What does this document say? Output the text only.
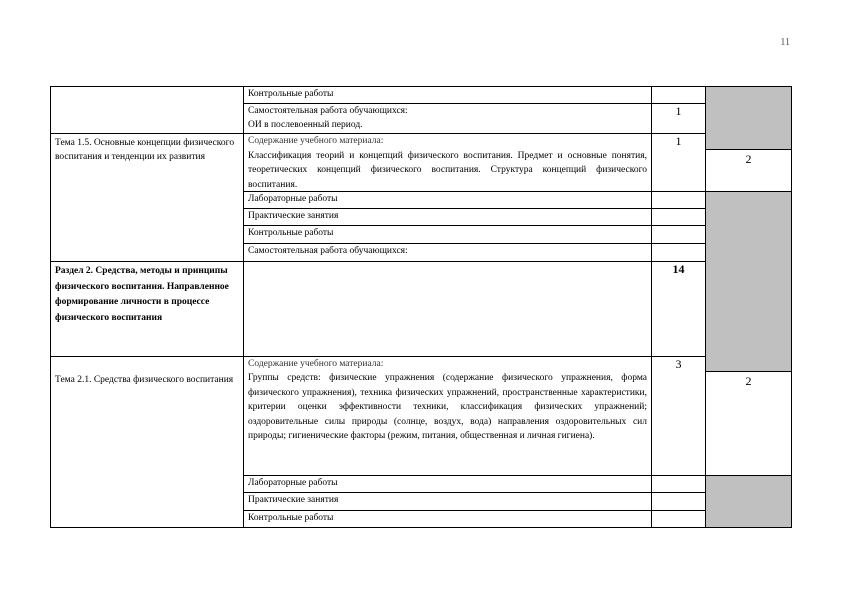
11
Тема 1.5. Основные концепции физического воспитания и тенденции их развития
Раздел 2. Средства, методы и принципы физического воспитания. Направленное формирование личности в процессе физического воспитания
Тема 2.1. Средства физического воспитания
Контрольные работы
Самостоятельная работа обучающихся:
ОИ в послевоенный период.
Содержание учебного материала:
Классификация теорий и концепций физического воспитания. Предмет и основные понятия, теоретических концепций физического воспитания. Структура концепций физического воспитания.
Лабораторные работы
Практические занятия
Контрольные работы
Самостоятельная работа обучающихся:
Содержание учебного материала:
Группы средств: физические упражнения (содержание физического упражнения, форма физического упражнения), техника физических упражнений, пространственные характеристики, критерии оценки эффективности техники, классификация физических упражнений; оздоровительные силы природы (солнце, воздух, вода) направления оздоровительных сил природы; гигиенические факторы (режим, питания, общественная и личная гигиена).
Лабораторные работы
Практические занятия
Контрольные работы
1
1
14
3
2
2
